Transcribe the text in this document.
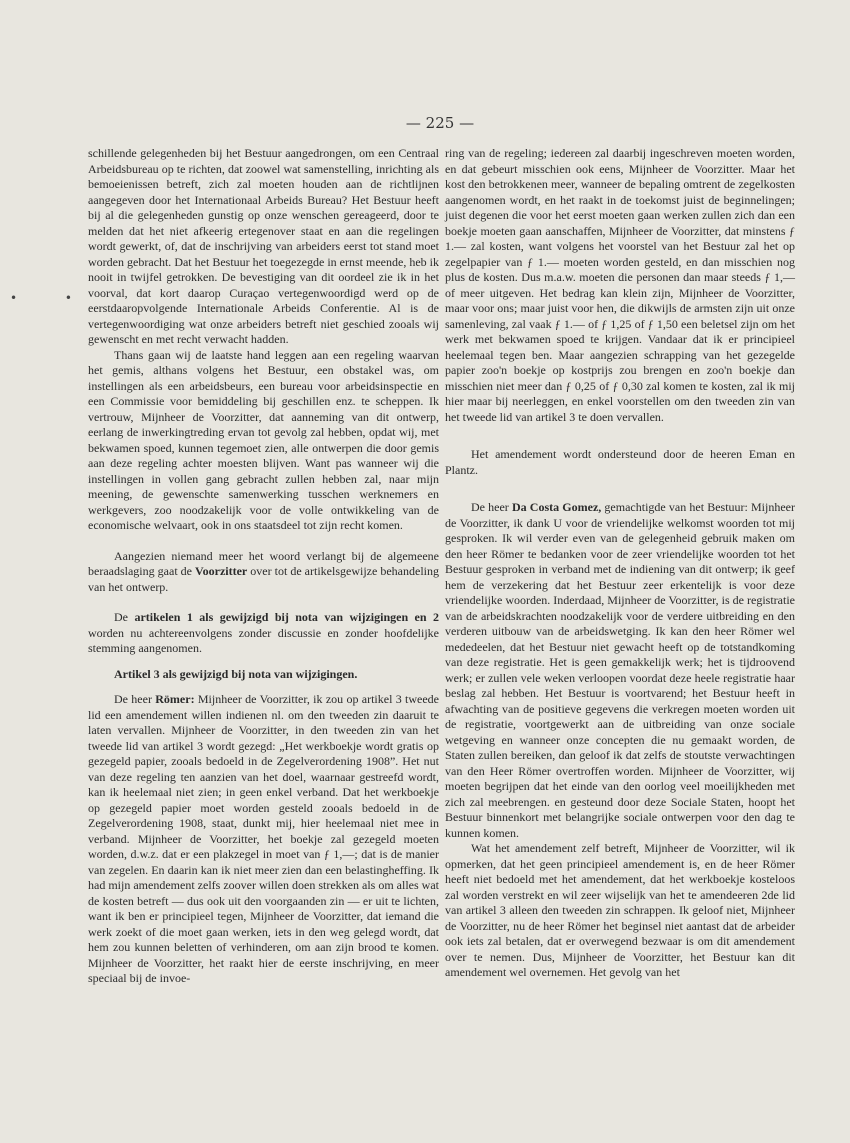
— 225 —
• •

schillende gelegenheden bij het Bestuur aangedrongen, om een Centraal Arbeidsbureau op te richten, dat zoowel wat samenstelling, inrichting als bemoeienissen betreft, zich zal moeten houden aan de richtlijnen aangegeven door het Internationaal Arbeids Bureau? Het Bestuur heeft bij al die gelegenheden gunstig op onze wenschen gereageerd, door te melden dat het niet afkeerig ertegenover staat en aan die regelingen wordt gewerkt, of, dat de inschrijving van arbeiders eerst tot stand moet worden gebracht. Dat het Bestuur het toegezegde in ernst meende, heb ik nooit in twijfel getrokken. De bevestiging van dit oordeel zie ik in het voorval, dat kort daarop Curaçao vertegenwoordigd werd op de eerstdaaropvolgende Internationale Arbeids Conferentie. Al is de vertegenwoordiging wat onze arbeiders betreft niet geschied zooals wij gewenscht en met recht verwacht hadden.

Thans gaan wij de laatste hand leggen aan een regeling waarvan het gemis, althans volgens het Bestuur, een obstakel was, om instellingen als een arbeidsbeurs, een bureau voor arbeidsinspectie en een Commissie voor bemiddeling bij geschillen enz. te scheppen. Ik vertrouw, Mijnheer de Voorzitter, dat aanneming van dit ontwerp, eerlang de inwerkingtreding ervan tot gevolg zal hebben, opdat wij, met bekwamen spoed, kunnen tegemoet zien, alle ontwerpen die door gemis aan deze regeling achter moesten blijven. Want pas wanneer wij die instellingen in vollen gang gebracht zullen hebben zal, naar mijn meening, de gewenschte samenwerking tusschen werknemers en werkgevers, zoo noodzakelijk voor de volle ontwikkeling van de economische welvaart, ook in ons staatsdeel tot zijn recht komen.

Aangezien niemand meer het woord verlangt bij de algemeene beraadslaging gaat de Voorzitter over tot de artikelsgewijze behandeling van het ontwerp.

De artikelen 1 als gewijzigd bij nota van wijzigingen en 2 worden nu achtereenvolgens zonder discussie en zonder hoofdelijke stemming aangenomen.

Artikel 3 als gewijzigd bij nota van wijzigingen.

De heer Römer: Mijnheer de Voorzitter, ik zou op artikel 3 tweede lid een amendement willen indienen nl. om den tweeden zin daaruit te laten vervallen. Mijnheer de Voorzitter, in den tweeden zin van het tweede lid van artikel 3 wordt gezegd: „Het werkboekje wordt gratis op gezegeld papier, zooals bedoeld in de Zegelverordening 1908”. Het nut van deze regeling ten aanzien van het doel, waarnaar gestreefd wordt, kan ik heelemaal niet zien; in geen enkel verband. Dat het werkboekje op gezegeld papier moet worden gesteld zooals bedoeld in de Zegelverordening 1908, staat, dunkt mij, hier heelemaal niet mee in verband. Mijnheer de Voorzitter, het boekje zal gezegeld moeten worden, d.w.z. dat er een plakzegel in moet van ƒ 1,—; dat is de manier van zegelen. En daarin kan ik niet meer zien dan een belastingheffing. Ik had mijn amendement zelfs zoover willen doen strekken als om alles wat de kosten betreft — dus ook uit den voorgaanden zin — er uit te lichten, want ik ben er principieel tegen, Mijnheer de Voorzitter, dat iemand die werk zoekt of die moet gaan werken, iets in den weg gelegd wordt, dat hem zou kunnen beletten of verhinderen, om aan zijn brood te komen. Mijnheer de Voorzitter, het raakt hier de eerste inschrijving, en meer speciaal bij de invoe-

ring van de regeling; iedereen zal daarbij ingeschreven moeten worden, en dat gebeurt misschien ook eens, Mijnheer de Voorzitter. Maar het kost den betrokkenen meer, wanneer de bepaling omtrent de zegelkosten aangenomen wordt, en het raakt in de toekomst juist de beginnelingen; juist degenen die voor het eerst moeten gaan werken zullen zich dan een boekje moeten gaan aanschaffen, Mijnheer de Voorzitter, dat minstens ƒ 1.— zal kosten, want volgens het voorstel van het Bestuur zal het op zegelpapier van ƒ 1.— moeten worden gesteld, en dan misschien nog plus de kosten. Dus m.a.w. moeten die personen dan maar steeds ƒ 1,— of meer uitgeven. Het bedrag kan klein zijn, Mijnheer de Voorzitter, maar voor ons; maar juist voor hen, die dikwijls de armsten zijn uit onze samenleving, zal vaak ƒ 1.— of ƒ 1,25 of ƒ 1,50 een beletsel zijn om het werk met bekwamen spoed te krijgen. Vandaar dat ik er principieel heelemaal tegen ben. Maar aangezien schrapping van het gezegelde papier zoo'n boekje op kostprijs zou brengen en zoo'n boekje dan misschien niet meer dan ƒ 0,25 of ƒ 0,30 zal komen te kosten, zal ik mij hier maar bij neerleggen, en enkel voorstellen om den tweeden zin van het tweede lid van artikel 3 te doen vervallen.

Het amendement wordt ondersteund door de heeren Eman en Plantz.

De heer Da Costa Gomez, gemachtigde van het Bestuur: Mijnheer de Voorzitter, ik dank U voor de vriendelijke welkomst woorden tot mij gesproken. Ik wil verder even van de gelegenheid gebruik maken om den heer Römer te bedanken voor de zeer vriendelijke woorden tot het Bestuur gesproken in verband met de indiening van dit ontwerp; ik geef hem de verzekering dat het Bestuur zeer erkentelijk is voor deze vriendelijke woorden. Inderdaad, Mijnheer de Voorzitter, is de registratie van de arbeidskrachten noodzakelijk voor de verdere uitbreiding en den verderen uitbouw van de arbeidswetging. Ik kan den heer Römer wel mededeelen, dat het Bestuur niet gewacht heeft op de totstandkoming van deze registratie. Het is geen gemakkelijk werk; het is tijdroovend werk; er zullen vele weken verloopen voordat deze heele registratie haar beslag zal hebben. Het Bestuur is voortvarend; het Bestuur heeft in afwachting van de positieve gegevens die verkregen moeten worden uit de registratie, voortgewerkt aan de uitbreiding van onze sociale wetgeving en wanneer onze concepten die nu gemaakt worden, de Staten zullen bereiken, dan geloof ik dat zelfs de stoutste verwachtingen van den Heer Römer overtroffen worden. Mijnheer de Voorzitter, wij moeten begrijpen dat het einde van den oorlog veel moeilijkheden met zich zal meebrengen. en gesteund door deze Sociale Staten, hoopt het Bestuur binnenkort met belangrijke sociale ontwerpen voor den dag te kunnen komen.

Wat het amendement zelf betreft, Mijnheer de Voorzitter, wil ik opmerken, dat het geen principieel amendement is, en de heer Römer heeft niet bedoeld met het amendement, dat het werkboekje kosteloos zal worden verstrekt en wil zeer wijselijk van het te amendeeren 2de lid van artikel 3 alleen den tweeden zin schrappen. Ik geloof niet, Mijnheer de Voorzitter, nu de heer Römer het beginsel niet aantast dat de arbeider ook iets zal betalen, dat er overwegend bezwaar is om dit amendement over te nemen. Dus, Mijnheer de Voorzitter, het Bestuur kan dit amendement wel overnemen. Het gevolg van het
